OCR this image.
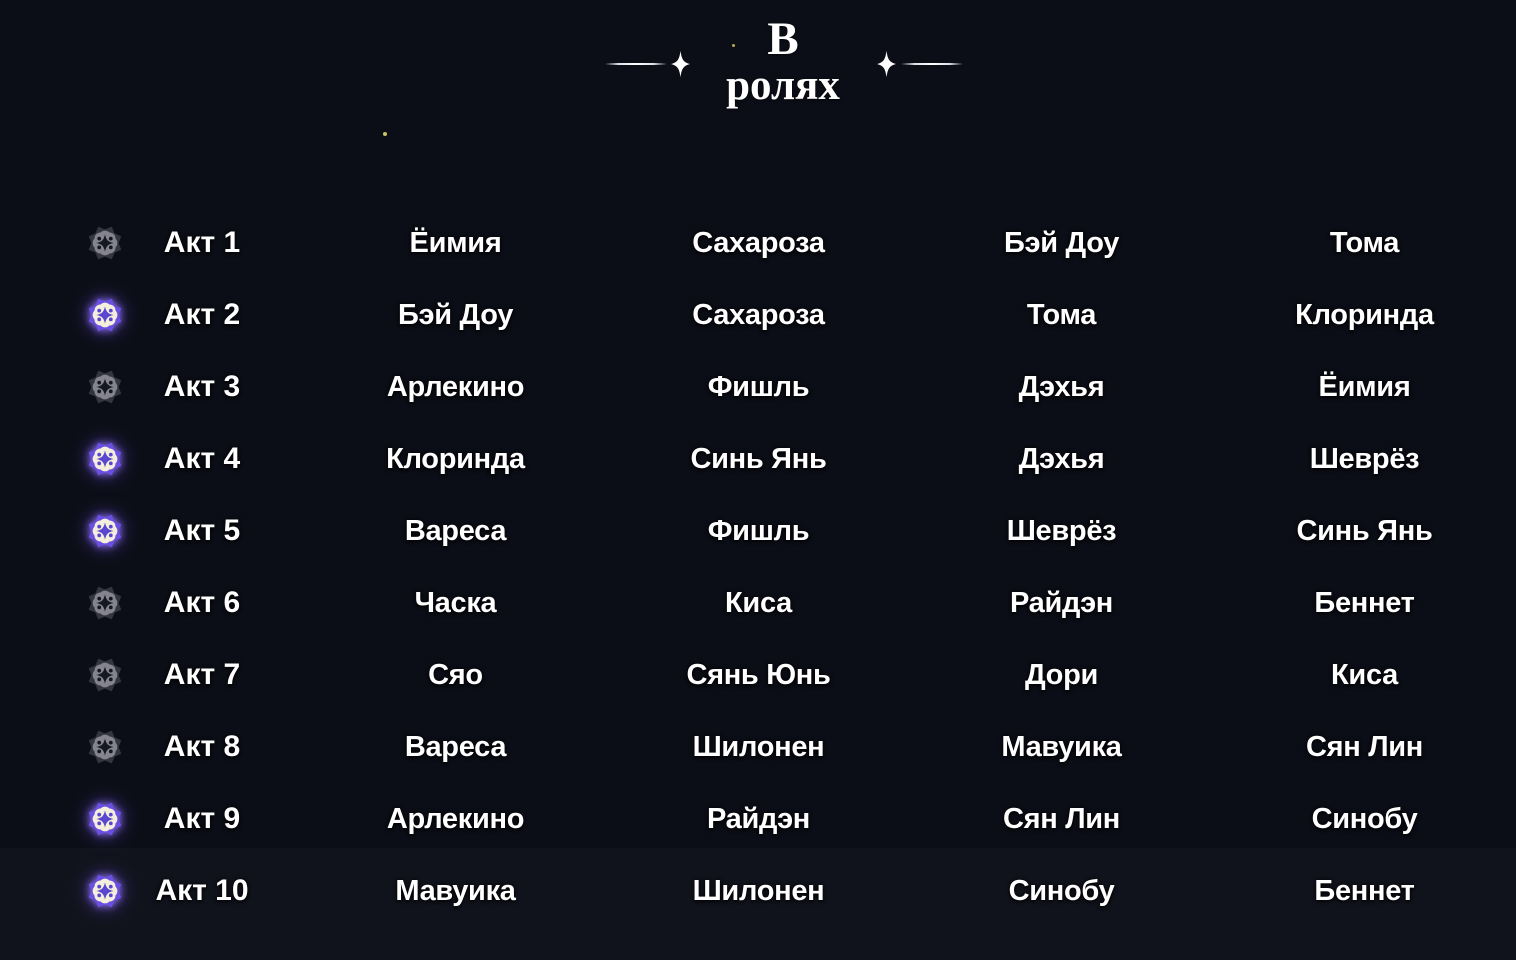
В
ролях
Акт 1	Ёимия	Сахароза	Бэй Доу	Тома
Акт 2	Бэй Доу	Сахароза	Тома	Клоринда
Акт 3	Арлекино	Фишль	Дэхья	Ёимия
Акт 4	Клоринда	Синь Янь	Дэхья	Шеврёз
Акт 5	Вареса	Фишль	Шеврёз	Синь Янь
Акт 6	Часка	Киса	Райдэн	Беннет
Акт 7	Сяо	Сянь Юнь	Дори	Киса
Акт 8	Вареса	Шилонен	Мавуика	Сян Лин
Акт 9	Арлекино	Райдэн	Сян Лин	Синобу
Акт 10	Мавуика	Шилонен	Синобу	Беннет
